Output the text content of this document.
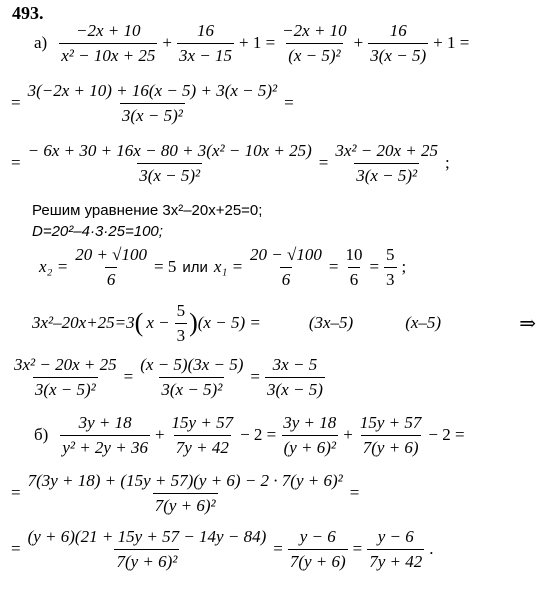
493.
$а) \frac{-2x + 10}{\text{x² − 10x + 25}} + \frac{16}{3x - 15} + 1 = \frac{-2x + 10}{\text{(x − 5)²}} + \frac{16}{3(x - 5)} + 1$ =
= $\frac{\text{3(−2x + 10) + 16(x − 5) + 3(x − 5)²}}{\text{3(x − 5)²}}$ =
= $\frac{\text{− 6x + 30 + 16x − 80 + 3(x² − 10x + 25)}}{\text{3(x − 5)²}} = \frac{\text{3x² − 20x + 25}}{\text{3(x − 5)²}}$ ;
Решим уравнение 3x²–20x+25=0;
D=20²–4·3·25=100;
$x_2 = \frac{20 + √100}{6} = 5$ или $x_1 = \frac{20 - √100}{6} = \frac{10}{6} = \frac{5}{3}$ ;
3x²–20x+25= 3 ( $x - \frac{5}{3}$ ) (x − 5) =	(3x–5)	(x–5)	⇒
$\frac{\text{3x² − 20x + 25}}{\text{3(x − 5)²}} = \frac{(x - 5)(3x - 5)}{\text{3(x − 5)²}} = \frac{3x - 5}{3(x - 5)}$
$б) \frac{3y + 18}{\text{y² + 2y + 36}} + \frac{15y + 57}{7y + 42} - 2 = \frac{3y + 18}{\text{(y + 6)²}} + \frac{15y + 57}{7(y + 6)} - 2$ =
= $\frac{\text{7(3y + 18) + (15y + 57)(y + 6) − 2 · 7(y + 6)²}}{\text{7(y + 6)²}}$ =
= $\frac{(y + 6)(21 + 15y + 57 - 14y - 84)}{\text{7(y + 6)²}} = \frac{y - 6}{7(y + 6)} = \frac{y - 6}{7y + 42}$ .
